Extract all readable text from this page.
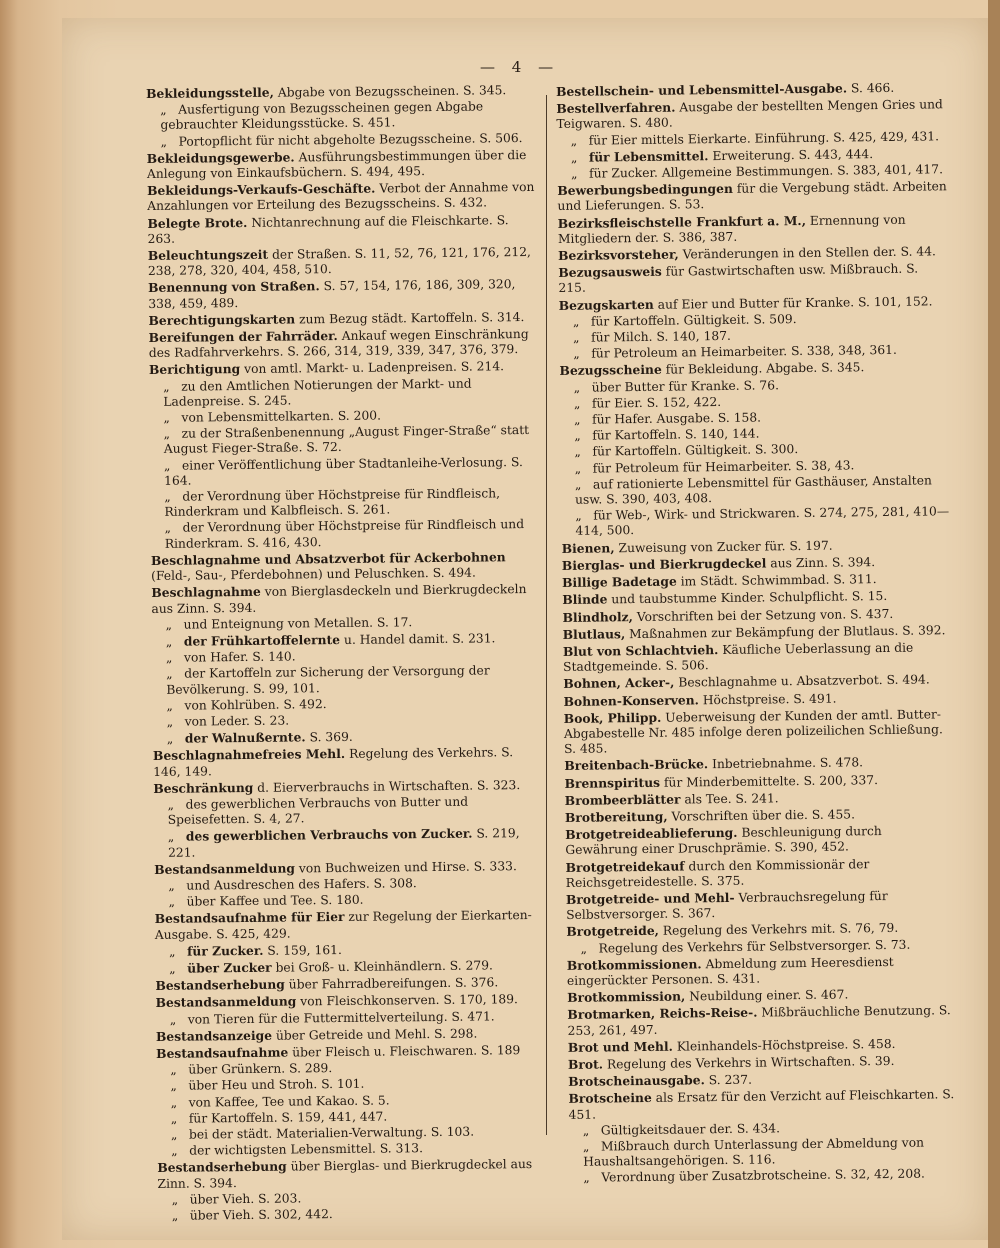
— 4 —
Bekleidungsstelle, Abgabe von Bezugsscheinen. S. 345.
„ Ausfertigung von Bezugsscheinen gegen Abgabe gebrauchter Kleidungsstücke. S. 451.
„ Portopflicht für nicht abgeholte Bezugsscheine. S. 506.
Bekleidungsgewerbe. Ausführungsbestimmungen über die Anlegung von Einkaufsbüchern. S. 494, 495.
Bekleidungs-Verkaufs-Geschäfte. Verbot der Annahme von Anzahlungen vor Erteilung des Bezugsscheins. S. 432.
Belegte Brote. Nichtanrechnung auf die Fleischkarte. S. 263.
Beleuchtungszeit der Straßen. S. 11, 52, 76, 121, 176, 212, 238, 278, 320, 404, 458, 510.
Benennung von Straßen. S. 57, 154, 176, 186, 309, 320, 338, 459, 489.
Berechtigungskarten zum Bezug städt. Kartoffeln. S. 314.
Bereifungen der Fahrräder. Ankauf wegen Einschränkung des Radfahrverkehrs. S. 266, 314, 319, 339, 347, 376, 379.
Berichtigung von amtl. Markt- u. Ladenpreisen. S. 214.
„ zu den Amtlichen Notierungen der Markt- und Ladenpreise. S. 245.
„ von Lebensmittelkarten. S. 200.
„ zu der Straßenbenennung „August Finger-Straße“ statt August Fieger-Straße. S. 72.
„ einer Veröffentlichung über Stadtanleihe-Verlosung. S. 164.
„ der Verordnung über Höchstpreise für Rindfleisch, Rinderkram und Kalbfleisch. S. 261.
„ der Verordnung über Höchstpreise für Rindfleisch und Rinderkram. S. 416, 430.
Beschlagnahme und Absatzverbot für Ackerbohnen (Feld-, Sau-, Pferdebohnen) und Peluschken. S. 494.
Beschlagnahme von Bierglasdeckeln und Bierkrugdeckeln aus Zinn. S. 394.
„ und Enteignung von Metallen. S. 17.
„ der Frühkartoffelernte u. Handel damit. S. 231.
„ von Hafer. S. 140.
„ der Kartoffeln zur Sicherung der Versorgung der Bevölkerung. S. 99, 101.
„ von Kohlrüben. S. 492.
„ von Leder. S. 23.
„ der Walnußernte. S. 369.
Beschlagnahmefreies Mehl. Regelung des Verkehrs. S. 146, 149.
Beschränkung d. Eierverbrauchs in Wirtschaften. S. 323.
„ des gewerblichen Verbrauchs von Butter und Speisefetten. S. 4, 27.
„ des gewerblichen Verbrauchs von Zucker. S. 219, 221.
Bestandsanmeldung von Buchweizen und Hirse. S. 333.
„ und Ausdreschen des Hafers. S. 308.
„ über Kaffee und Tee. S. 180.
Bestandsaufnahme für Eier zur Regelung der Eierkarten-Ausgabe. S. 425, 429.
„ für Zucker. S. 159, 161.
„ über Zucker bei Groß- u. Kleinhändlern. S. 279.
Bestandserhebung über Fahrradbereifungen. S. 376.
Bestandsanmeldung von Fleischkonserven. S. 170, 189.
„ von Tieren für die Futtermittelverteilung. S. 471.
Bestandsanzeige über Getreide und Mehl. S. 298.
Bestandsaufnahme über Fleisch u. Fleischwaren. S. 189
„ über Grünkern. S. 289.
„ über Heu und Stroh. S. 101.
„ von Kaffee, Tee und Kakao. S. 5.
„ für Kartoffeln. S. 159, 441, 447.
„ bei der städt. Materialien-Verwaltung. S. 103.
„ der wichtigsten Lebensmittel. S. 313.
Bestandserhebung über Bierglas- und Bierkrugdeckel aus Zinn. S. 394.
„ über Vieh. S. 203.
„ über Vieh. S. 302, 442.
Bestellschein- und Lebensmittel-Ausgabe. S. 466.
Bestellverfahren. Ausgabe der bestellten Mengen Gries und Teigwaren. S. 480.
„ für Eier mittels Eierkarte. Einführung. S. 425, 429, 431.
„ für Lebensmittel. Erweiterung. S. 443, 444.
„ für Zucker. Allgemeine Bestimmungen. S. 383, 401, 417.
Bewerbungsbedingungen für die Vergebung städt. Arbeiten und Lieferungen. S. 53.
Bezirksfleischstelle Frankfurt a. M., Ernennung von Mitgliedern der. S. 386, 387.
Bezirksvorsteher, Veränderungen in den Stellen der. S. 44.
Bezugsausweis für Gastwirtschaften usw. Mißbrauch. S. 215.
Bezugskarten auf Eier und Butter für Kranke. S. 101, 152.
„ für Kartoffeln. Gültigkeit. S. 509.
„ für Milch. S. 140, 187.
„ für Petroleum an Heimarbeiter. S. 338, 348, 361.
Bezugsscheine für Bekleidung. Abgabe. S. 345.
„ über Butter für Kranke. S. 76.
„ für Eier. S. 152, 422.
„ für Hafer. Ausgabe. S. 158.
„ für Kartoffeln. S. 140, 144.
„ für Kartoffeln. Gültigkeit. S. 300.
„ für Petroleum für Heimarbeiter. S. 38, 43.
„ auf rationierte Lebensmittel für Gasthäuser, Anstalten usw. S. 390, 403, 408.
„ für Web-, Wirk- und Strickwaren. S. 274, 275, 281, 410—414, 500.
Bienen, Zuweisung von Zucker für. S. 197.
Bierglas- und Bierkrugdeckel aus Zinn. S. 394.
Billige Badetage im Städt. Schwimmbad. S. 311.
Blinde und taubstumme Kinder. Schulpflicht. S. 15.
Blindholz, Vorschriften bei der Setzung von. S. 437.
Blutlaus, Maßnahmen zur Bekämpfung der Blutlaus. S. 392.
Blut von Schlachtvieh. Käufliche Ueberlassung an die Stadtgemeinde. S. 506.
Bohnen, Acker-, Beschlagnahme u. Absatzverbot. S. 494.
Bohnen-Konserven. Höchstpreise. S. 491.
Book, Philipp. Ueberweisung der Kunden der amtl. Butter-Abgabestelle Nr. 485 infolge deren polizeilichen Schließung. S. 485.
Breitenbach-Brücke. Inbetriebnahme. S. 478.
Brennspiritus für Minderbemittelte. S. 200, 337.
Brombeerblätter als Tee. S. 241.
Brotbereitung, Vorschriften über die. S. 455.
Brotgetreideablieferung. Beschleunigung durch Gewährung einer Druschprämie. S. 390, 452.
Brotgetreidekauf durch den Kommissionär der Reichsgetreidestelle. S. 375.
Brotgetreide- und Mehl- Verbrauchsregelung für Selbstversorger. S. 367.
Brotgetreide, Regelung des Verkehrs mit. S. 76, 79.
„ Regelung des Verkehrs für Selbstversorger. S. 73.
Brotkommissionen. Abmeldung zum Heeresdienst eingerückter Personen. S. 431.
Brotkommission, Neubildung einer. S. 467.
Brotmarken, Reichs-Reise-. Mißbräuchliche Benutzung. S. 253, 261, 497.
Brot und Mehl. Kleinhandels-Höchstpreise. S. 458.
Brot. Regelung des Verkehrs in Wirtschaften. S. 39.
Brotscheinausgabe. S. 237.
Brotscheine als Ersatz für den Verzicht auf Fleischkarten. S. 451.
„ Gültigkeitsdauer der. S. 434.
„ Mißbrauch durch Unterlassung der Abmeldung von Haushaltsangehörigen. S. 116.
„ Verordnung über Zusatzbrotscheine. S. 32, 42, 208.
